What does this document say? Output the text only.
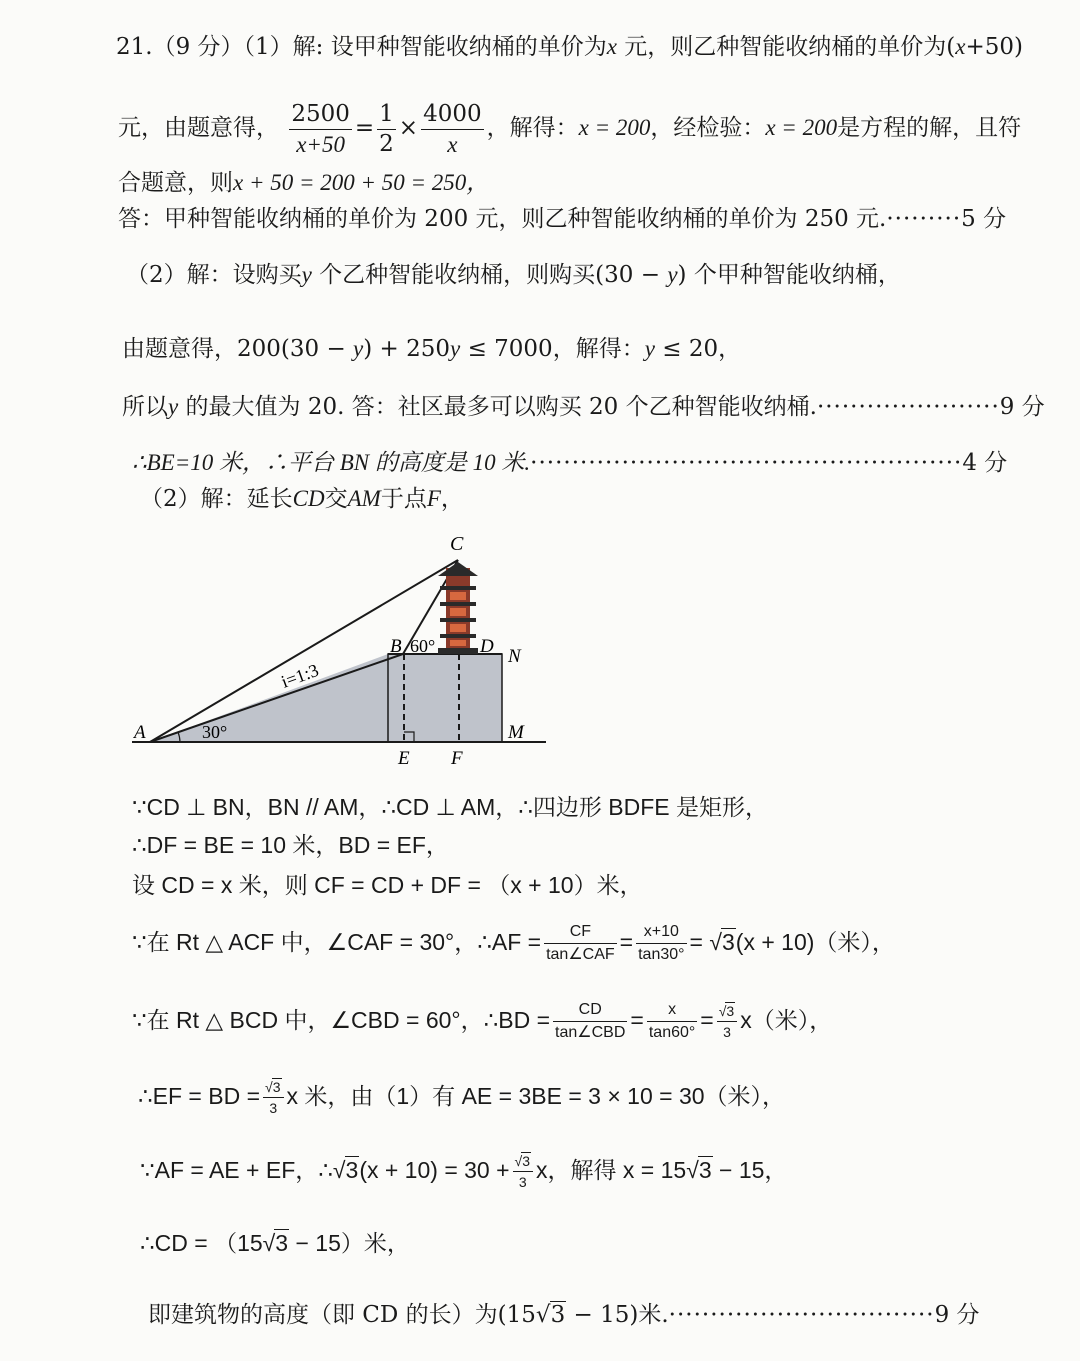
21.（9 分）（1）解: 设甲种智能收纳桶的单价为x 元，则乙种智能收纳桶的单价为(x+50)
元，由题意得， $\frac{2500}{x+50} = \frac{1}{2} \times \frac{4000}{x}$ ，解得：x = 200，经检验：x = 200是方程的解，且符
合题意，则x + 50 = 200 + 50 = 250，
答：甲种智能收纳桶的单价为 200 元，则乙种智能收纳桶的单价为 250 元.·········5 分
（2）解：设购买y 个乙种智能收纳桶，则购买(30 − y) 个甲种智能收纳桶，
由题意得，200(30 − y) + 250y ≤ 7000，解得：y ≤ 20，
所以y 的最大值为 20. 答：社区最多可以购买 20 个乙种智能收纳桶.······················9 分
∴BE=10 米，∴平台 BN 的高度是 10 米.····················································4 分
（2）解：延长CD交AM于点F，
C
B 60° D N
i=1:3
A	30°	M
E F
∵CD ⊥ BN，BN // AM，∴CD ⊥ AM，∴四边形 BDFE 是矩形，
∴DF = BE = 10 米，BD = EF，
设 CD = x 米，则 CF = CD + DF = （x + 10）米，
∵在 Rt △ ACF 中，∠CAF = 30°，∴AF = $\frac{CF}{\text{tan∠CAF}} = \frac{x+10}{\tan 30^\circ} = √3(x + 10)$（米），
∵在 Rt △ BCD 中，∠CBD = 60°，∴BD = $\frac{CD}{\text{tan∠CBD}} = \frac{x}{\tan 60^\circ} = \frac{√3}{3} x$（米），
∴EF = BD = $\frac{√3}{3}$ x 米，由（1）有 AE = 3BE = 3 × 10 = 30（米），
∵AF = AE + EF，∴√3(x + $10) = 30 + \frac{√3}{3}$ x，解得 x = 15√3 − 15，
∴CD = （15√3 − 15）米，
即建筑物的高度（即 CD 的长）为(15√3 − 15)米.································9 分
